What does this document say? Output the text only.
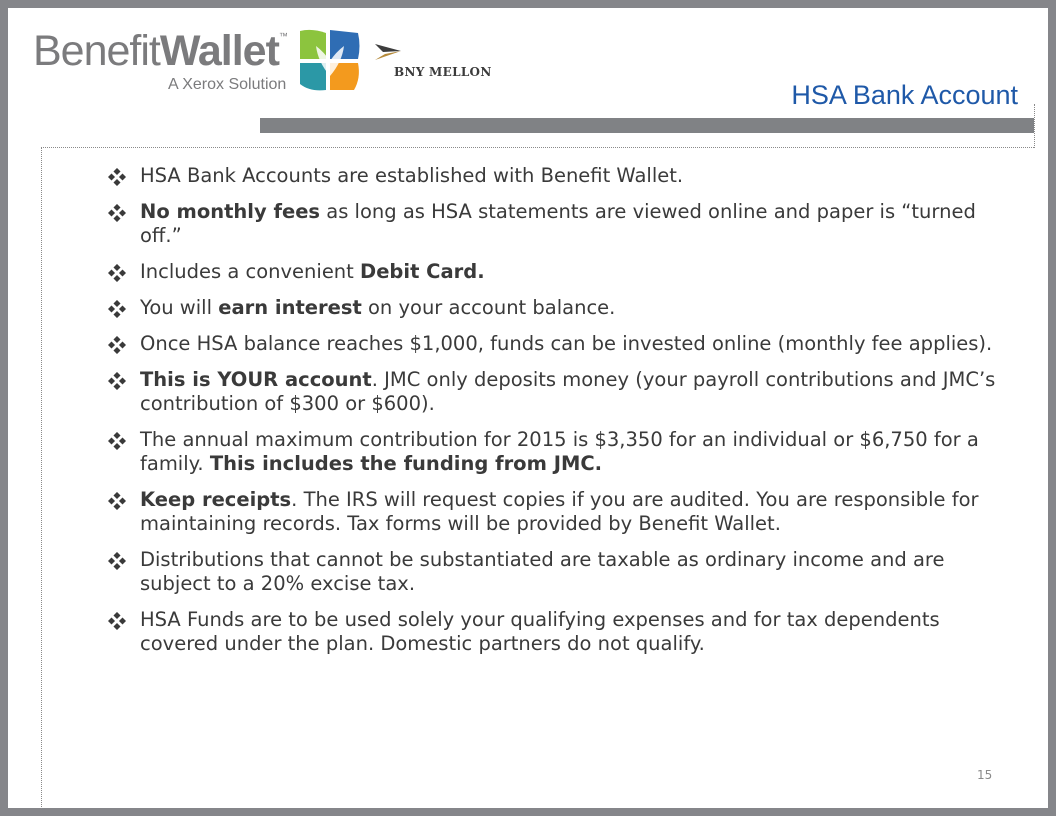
BenefitWallet™
A Xerox Solution
BNY MELLON
HSA Bank Account
HSA Bank Accounts are established with Benefit Wallet.
No monthly fees as long as HSA statements are viewed online and paper is “turned off.”
Includes a convenient Debit Card.
You will earn interest on your account balance.
Once HSA balance reaches $1,000, funds can be invested online (monthly fee applies).
This is YOUR account. JMC only deposits money (your payroll contributions and JMC’s contribution of $300 or $600).
The annual maximum contribution for 2015 is $3,350 for an individual or $6,750 for a family. This includes the funding from JMC.
Keep receipts. The IRS will request copies if you are audited. You are responsible for maintaining records. Tax forms will be provided by Benefit Wallet.
Distributions that cannot be substantiated are taxable as ordinary income and are subject to a 20% excise tax.
HSA Funds are to be used solely your qualifying expenses and for tax dependents covered under the plan. Domestic partners do not qualify.
15
